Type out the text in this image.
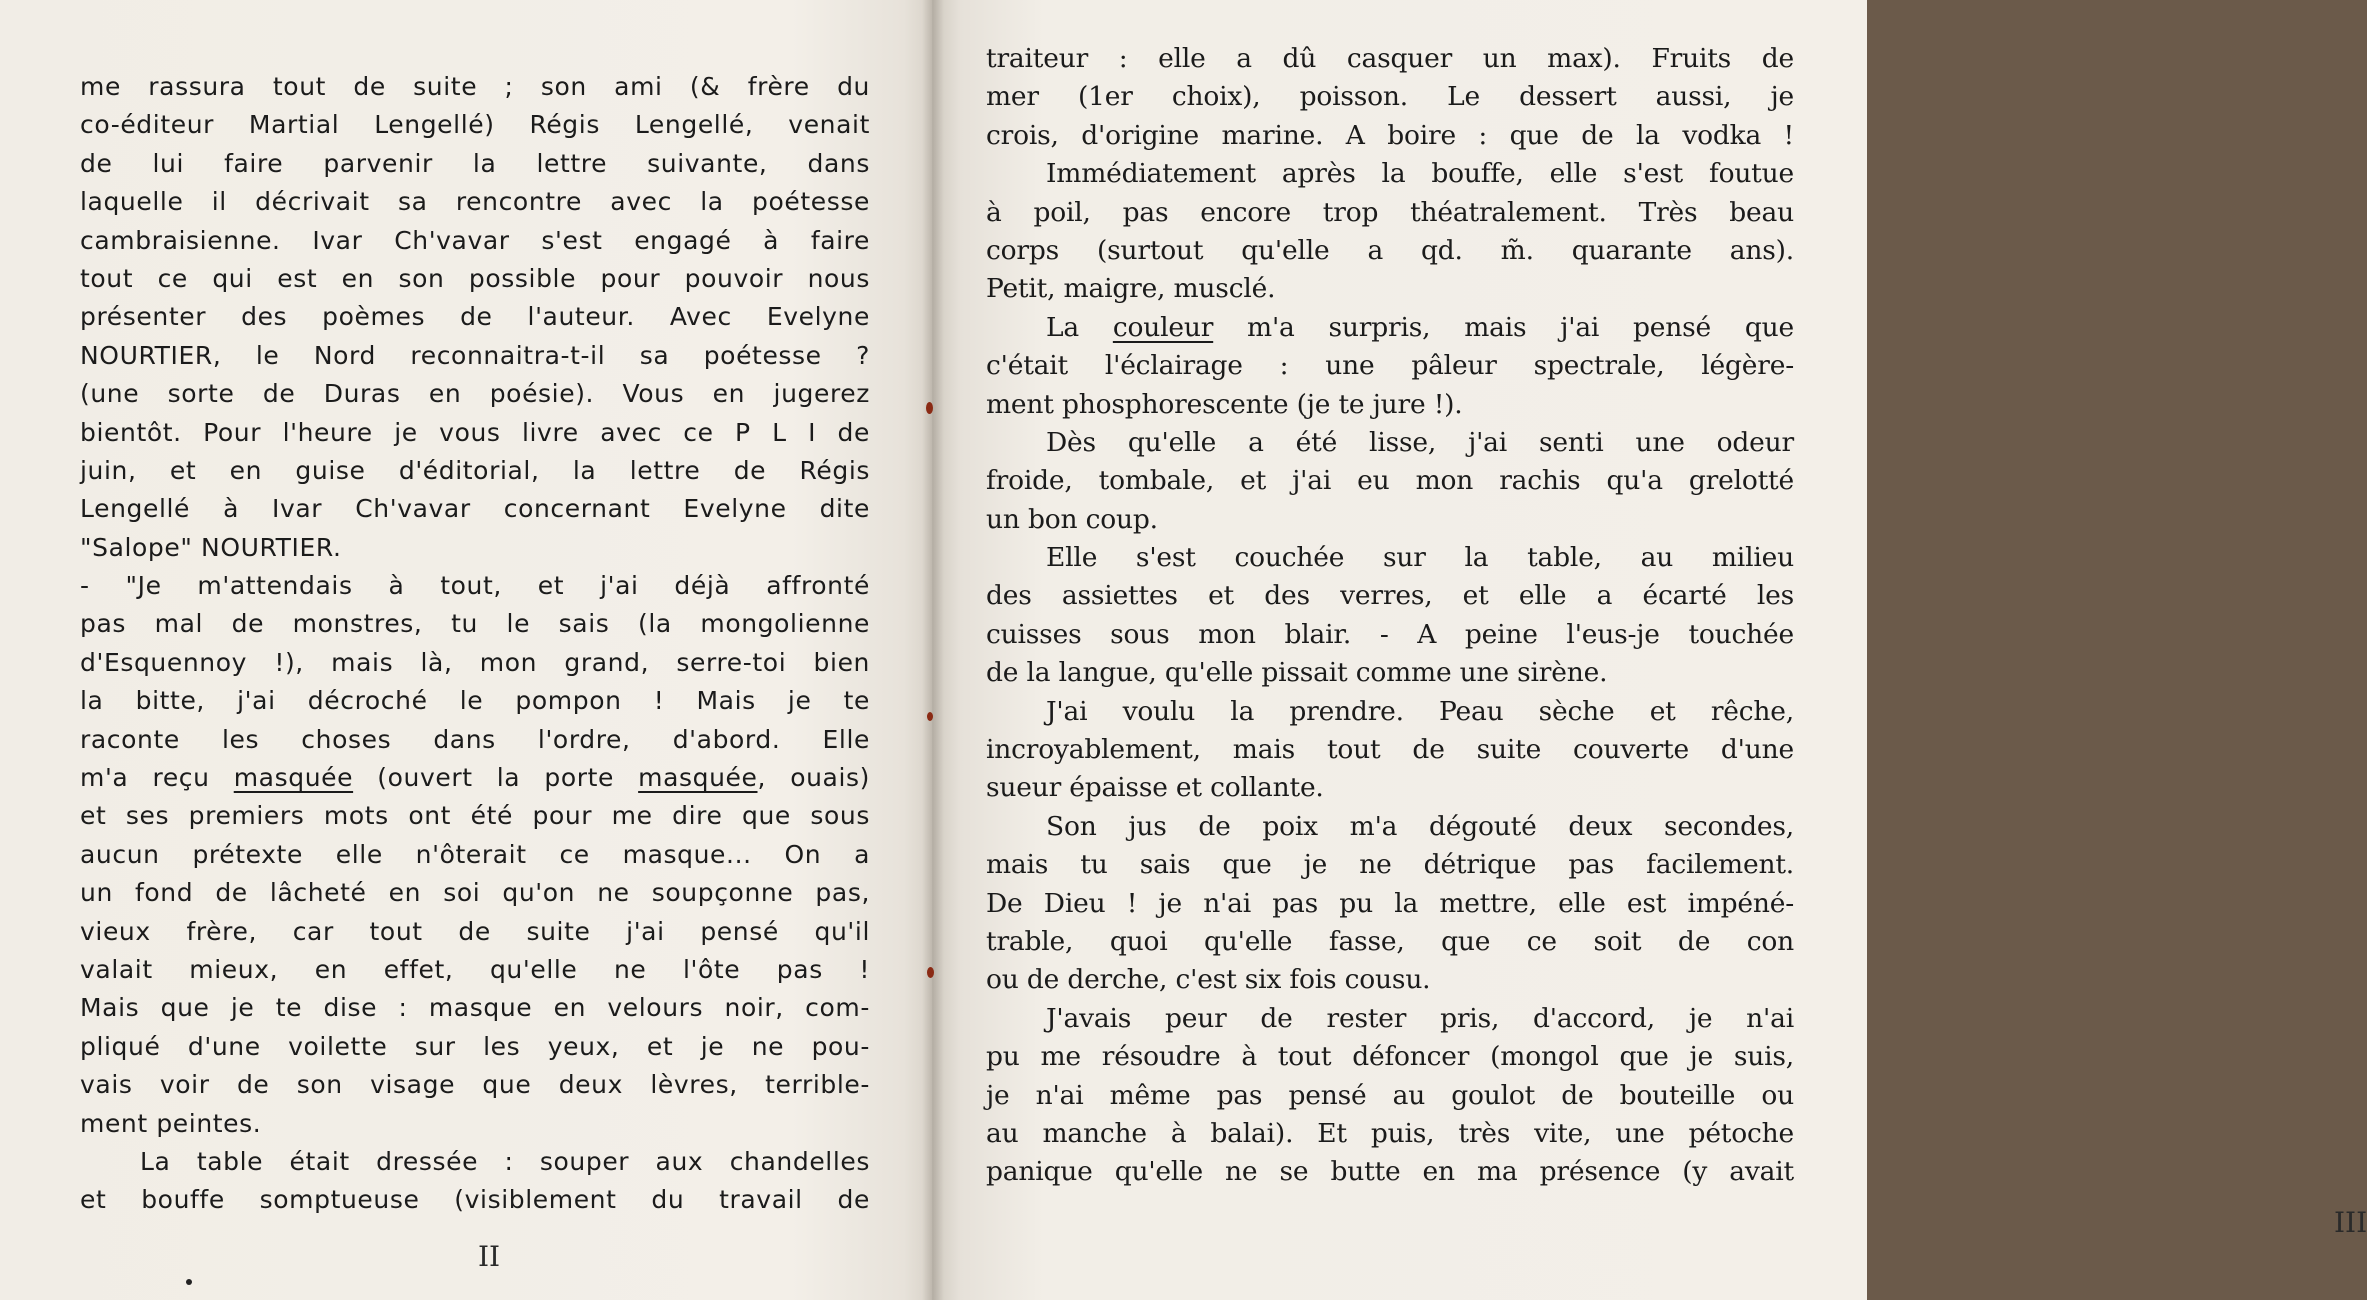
me rassura tout de suite ; son ami (& frère du
co-éditeur Martial Lengellé) Régis Lengellé, venait
de lui faire parvenir la lettre suivante, dans
laquelle il décrivait sa rencontre avec la poétesse
cambraisienne. Ivar Ch'vavar s'est engagé à faire
tout ce qui est en son possible pour pouvoir nous
présenter des poèmes de l'auteur. Avec Evelyne
NOURTIER, le Nord reconnaitra-t-il sa poétesse ?
(une sorte de Duras en poésie). Vous en jugerez
bientôt. Pour l'heure je vous livre avec ce P L I de
juin, et en guise d'éditorial, la lettre de Régis
Lengellé à Ivar Ch'vavar concernant Evelyne dite
"Salope" NOURTIER.
- "Je m'attendais à tout, et j'ai déjà affronté
pas mal de monstres, tu le sais (la mongolienne
d'Esquennoy !), mais là, mon grand, serre-toi bien
la bitte, j'ai décroché le pompon ! Mais je te
raconte les choses dans l'ordre, d'abord. Elle
m'a reçu masquée (ouvert la porte masquée, ouais)
et ses premiers mots ont été pour me dire que sous
aucun prétexte elle n'ôterait ce masque... On a
un fond de lâcheté en soi qu'on ne soupçonne pas,
vieux frère, car tout de suite j'ai pensé qu'il
valait mieux, en effet, qu'elle ne l'ôte pas !
Mais que je te dise : masque en velours noir, com-
pliqué d'une voilette sur les yeux, et je ne pou-
vais voir de son visage que deux lèvres, terrible-
ment peintes.
La table était dressée : souper aux chandelles
et bouffe somptueuse (visiblement du travail de
II
traiteur : elle a dû casquer un max). Fruits de
mer (1er choix), poisson. Le dessert aussi, je
crois, d'origine marine. A boire : que de la vodka !
Immédiatement après la bouffe, elle s'est foutue
à poil, pas encore trop théatralement. Très beau
corps (surtout qu'elle a qd. m̃. quarante ans).
Petit, maigre, musclé.
La couleur m'a surpris, mais j'ai pensé que
c'était l'éclairage : une pâleur spectrale, légère-
ment phosphorescente (je te jure !).
Dès qu'elle a été lisse, j'ai senti une odeur
froide, tombale, et j'ai eu mon rachis qu'a grelotté
un bon coup.
Elle s'est couchée sur la table, au milieu
des assiettes et des verres, et elle a écarté les
cuisses sous mon blair. - A peine l'eus-je touchée
de la langue, qu'elle pissait comme une sirène.
J'ai voulu la prendre. Peau sèche et rêche,
incroyablement, mais tout de suite couverte d'une
sueur épaisse et collante.
Son jus de poix m'a dégouté deux secondes,
mais tu sais que je ne détrique pas facilement.
De Dieu ! je n'ai pas pu la mettre, elle est impéné-
trable, quoi qu'elle fasse, que ce soit de con
ou de derche, c'est six fois cousu.
J'avais peur de rester pris, d'accord, je n'ai
pu me résoudre à tout défoncer (mongol que je suis,
je n'ai même pas pensé au goulot de bouteille ou
au manche à balai). Et puis, très vite, une pétoche
panique qu'elle ne se butte en ma présence (y avait
III
